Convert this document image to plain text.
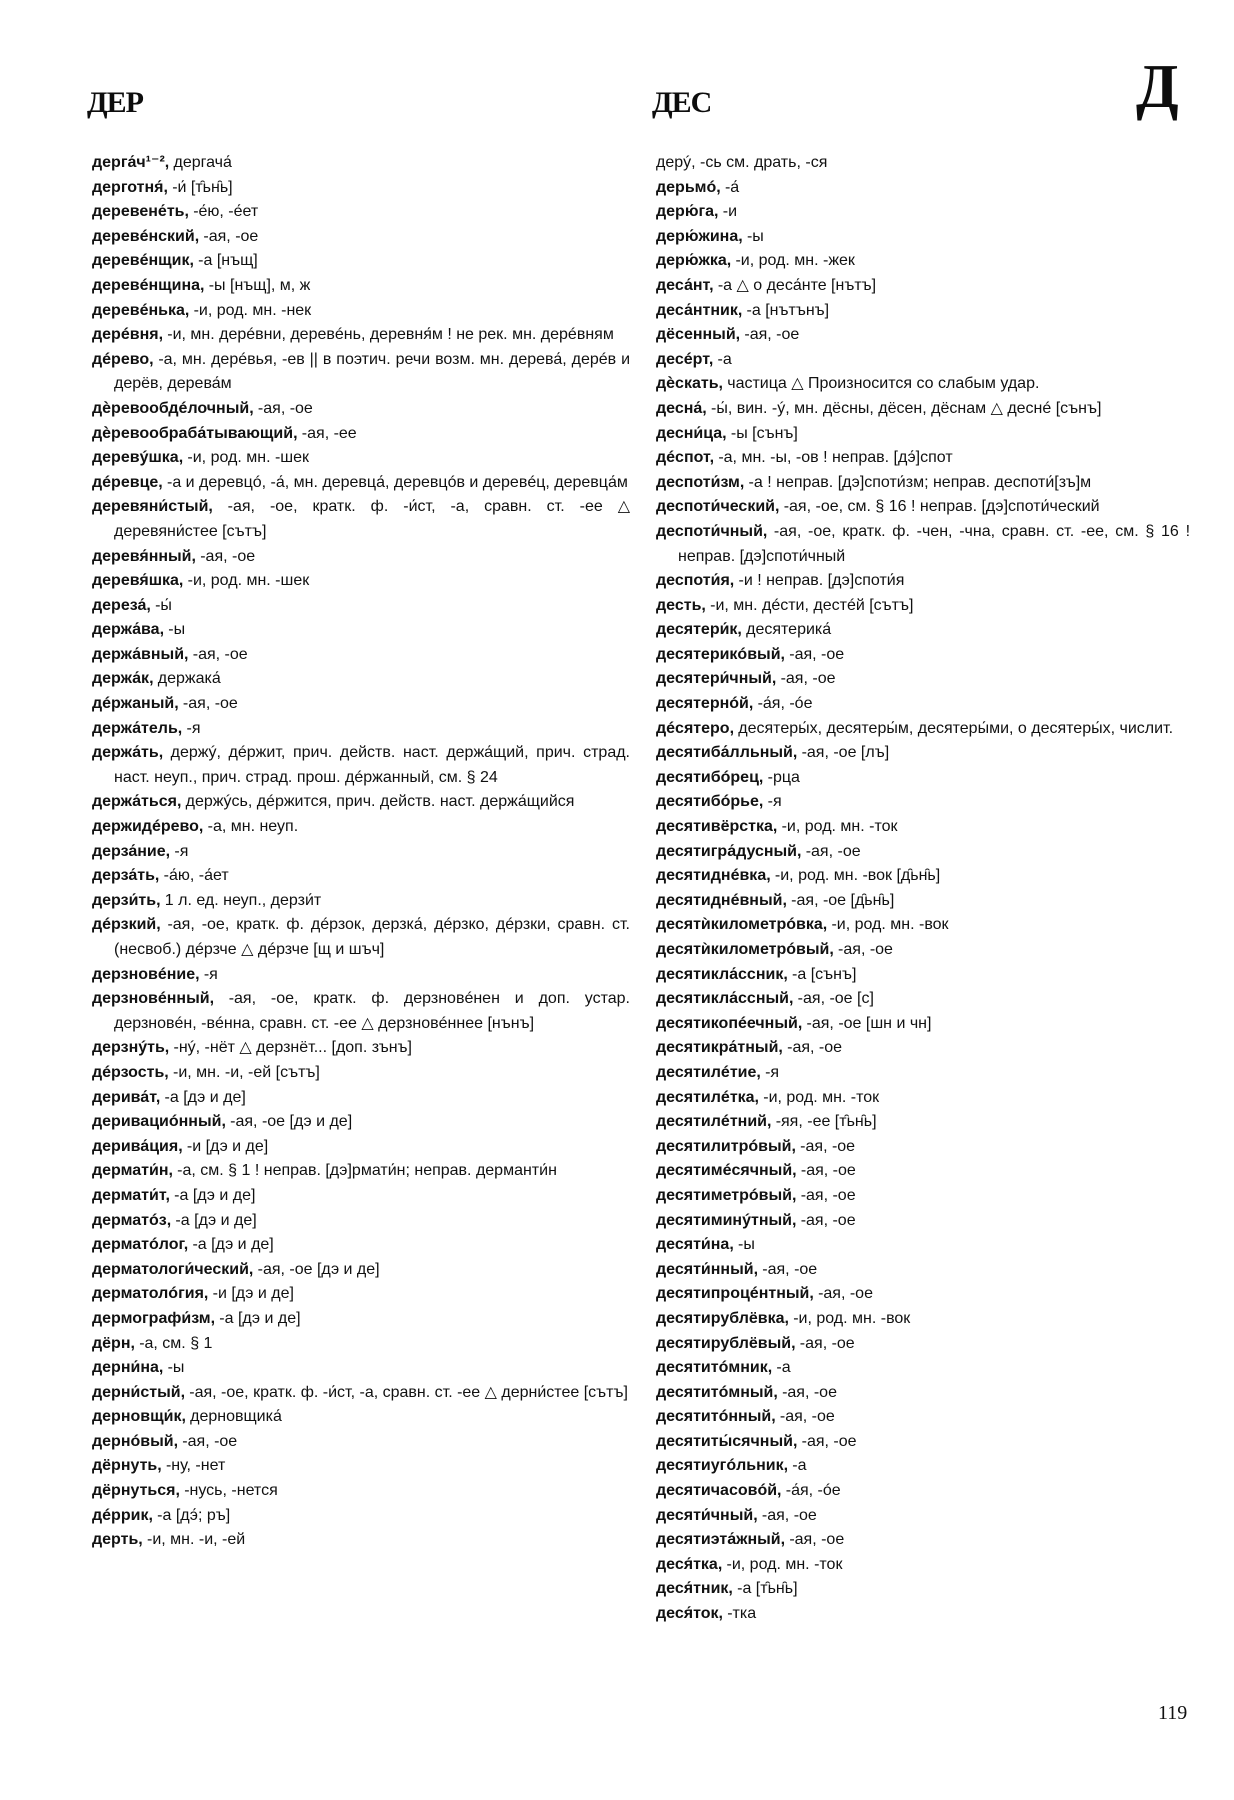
ДЕР	ДЕС	Д
дерга́ч¹⁻², дергача́
дерготня́, -и́ [т̑ьн̑ь]
деревене́ть, -е́ю, -е́ет
деревéнский, -ая, -ое
деревéнщик, -а [нъщ]
деревéнщина, -ы [нъщ], м, ж
деревéнька, -и, род. мн. -нек
дерéвня, -и, мн. дерéвни, деревéнь, деревня́м ! не рек. мн. дерéвням
дéрево, -а, мн. дерéвья, -ев || в поэтич. речи возм. мн. дерева́, дерéв и дерёв, дерева́м
дѐревообдéлочный, -ая, -ое
дѐревообраба́тывающий, -ая, -ее
деревýшка, -и, род. мн. -шек
дéревце, -а и деревцó, -а́, мн. деревца́, деревцóв и деревéц, деревца́м
деревяни́стый, -ая, -ое, кратк. ф. -и́ст, -а, сравн. ст. -ее △ деревяни́стее [сътъ]
деревя́нный, -ая, -ое
деревя́шка, -и, род. мн. -шек
дереза́, -ы́
держа́ва, -ы
держа́вный, -ая, -ое
держа́к, держака́
дéржаный, -ая, -ое
держа́тель, -я
держа́ть, держý, дéржит, прич. действ. наст. держа́щий, прич. страд. наст. неуп., прич. страд. прош. дéржанный, см. § 24
держа́ться, держýсь, дéржится, прич. действ. наст. держа́щийся
держидéрево, -а, мн. неуп.
дерза́ние, -я
дерза́ть, -а́ю, -а́ет
дерзи́ть, 1 л. ед. неуп., дерзи́т
дéрзкий, -ая, -ое, кратк. ф. дéрзок, дерзка́, дéрзко, дéрзки, сравн. ст. (несвоб.) дéрзче △ дéрзче [щ и шъч]
дерзновéние, -я
дерзновéнный, -ая, -ое, кратк. ф. дерзновéнен и доп. устар. дерзновéн, -вéнна, сравн. ст. -ее △ дерзновéннее [нънъ]
дерзнýть, -нý, -нёт △ дерзнёт... [доп. зънъ]
дéрзость, -и, мн. -и, -ей [сътъ]
дерива́т, -а [дэ и де]
деривациóнный, -ая, -ое [дэ и де]
дерива́ция, -и [дэ и де]
дермати́н, -а, см. § 1 ! неправ. [дэ]рмати́н; неправ. дерманти́н
дермати́т, -а [дэ и де]
дерматóз, -а [дэ и де]
дерматóлог, -а [дэ и де]
дерматологи́ческий, -ая, -ое [дэ и де]
дерматолóгия, -и [дэ и де]
дермографи́зм, -а [дэ и де]
дёрн, -а, см. § 1
дерни́на, -ы
дерни́стый, -ая, -ое, кратк. ф. -и́ст, -а, сравн. ст. -ее △ дерни́стее [сътъ]
дерновщи́к, дерновщика́
дернóвый, -ая, -ое
дёрнуть, -ну, -нет
дёрнуться, -нусь, -нется
дéррик, -а [дэ́; ръ]
дерть, -и, мн. -и, -ей
дерý, -сь см. драть, -ся
дерьмó, -а́
дерю́га, -и
дерю́жина, -ы
дерю́жка, -и, род. мн. -жек
деса́нт, -а △ о деса́нте [нътъ]
деса́нтник, -а [нътънъ]
дёсенный, -ая, -ое
десéрт, -а
дѐскать, частица △ Произносится со слабым удар.
десна́, -ы́, вин. -ý, мн. дёсны, дёсен, дёснам △ деснé [сънъ]
десни́ца, -ы [сънъ]
дéспот, -а, мн. -ы, -ов ! неправ. [дэ́]спот
деспоти́зм, -а ! неправ. [дэ]споти́зм; неправ. деспоти́[зъ]м
деспоти́ческий, -ая, -ое, см. § 16 ! неправ. [дэ]споти́ческий
деспоти́чный, -ая, -ое, кратк. ф. -чен, -чна, сравн. ст. -ее, см. § 16 ! неправ. [дэ]споти́чный
деспоти́я, -и ! неправ. [дэ]споти́я
десть, -и, мн. дéсти, дестéй [сътъ]
десятери́к, десятерика́
десятерикóвый, -ая, -ое
десятери́чный, -ая, -ое
десятернóй, -а́я, -óе
дéсятеро, десятеры́х, десятеры́м, десятеры́ми, о десятеры́х, числит.
десятиба́лльный, -ая, -ое [лъ]
десятибóрец, -рца
десятибóрье, -я
десятивёрстка, -и, род. мн. -ток
десятигра́дусный, -ая, -ое
десятиднéвка, -и, род. мн. -вок [д̑ьн̑ь]
десятиднéвный, -ая, -ое [д̑ьн̑ь]
десятѝкилометрóвка, -и, род. мн. -вок
десятѝкилометрóвый, -ая, -ое
десятикла́ссник, -а [сънъ]
десятикла́ссный, -ая, -ое [с]
десятикопéечный, -ая, -ое [шн и чн]
десятикра́тный, -ая, -ое
десятилéтие, -я
десятилéтка, -и, род. мн. -ток
десятилéтний, -яя, -ее [т̑ьн̑ь]
десятилитрóвый, -ая, -ое
десятимéсячный, -ая, -ое
десятиметрóвый, -ая, -ое
десятиминýтный, -ая, -ое
десяти́на, -ы
десяти́нный, -ая, -ое
десятипроцéнтный, -ая, -ое
десятирублёвка, -и, род. мн. -вок
десятирублёвый, -ая, -ое
десятитóмник, -а
десятитóмный, -ая, -ое
десятитóнный, -ая, -ое
десятиты́сячный, -ая, -ое
десятиугóльник, -а
десятичасовóй, -а́я, -óе
десяти́чный, -ая, -ое
десятиэта́жный, -ая, -ое
деся́тка, -и, род. мн. -ток
деся́тник, -а [т̑ьн̑ь]
деся́ток, -тка
119
